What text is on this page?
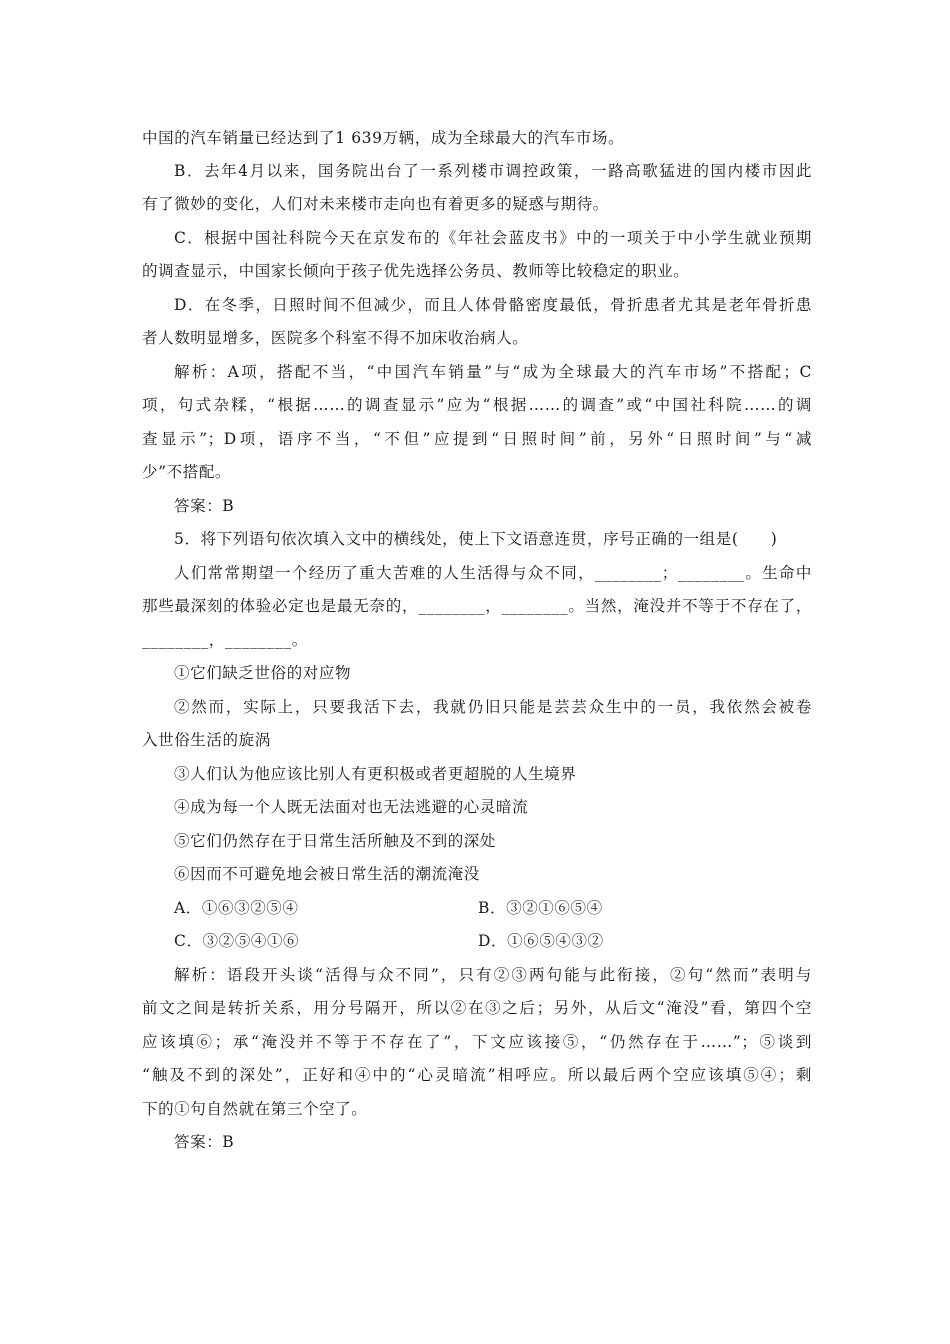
中国的汽车销量已经达到了1 639万辆，成为全球最大的汽车市场。
B．去年4月以来，国务院出台了一系列楼市调控政策，一路高歌猛进的国内楼市因此
有了微妙的变化，人们对未来楼市走向也有着更多的疑惑与期待。
C．根据中国社科院今天在京发布的《年社会蓝皮书》中的一项关于中小学生就业预期
的调查显示，中国家长倾向于孩子优先选择公务员、教师等比较稳定的职业。
D．在冬季，日照时间不但减少，而且人体骨骼密度最低，骨折患者尤其是老年骨折患
者人数明显增多，医院多个科室不得不加床收治病人。
解析：A项，搭配不当，“中国汽车销量”与“成为全球最大的汽车市场”不搭配；C
项，句式杂糅，“根据……的调查显示”应为“根据……的调查”或“中国社科院……的调
查显示”；D项，语序不当，“不但”应提到“日照时间”前，另外“日照时间”与“减
少”不搭配。
答案：B
5．将下列语句依次填入文中的横线处，使上下文语意连贯，序号正确的一组是(　　)
人们常常期望一个经历了重大苦难的人生活得与众不同，________；________。生命中
那些最深刻的体验必定也是最无奈的，________，________。当然，淹没并不等于不存在了，
________，________。
①它们缺乏世俗的对应物
②然而，实际上，只要我活下去，我就仍旧只能是芸芸众生中的一员，我依然会被卷
入世俗生活的旋涡
③人们认为他应该比别人有更积极或者更超脱的人生境界
④成为每一个人既无法面对也无法逃避的心灵暗流
⑤它们仍然存在于日常生活所触及不到的深处
⑥因而不可避免地会被日常生活的潮流淹没
A．①⑥③②⑤④	B．③②①⑥⑤④
C．③②⑤④①⑥	D．①⑥⑤④③②
解析：语段开头谈“活得与众不同”，只有②③两句能与此衔接，②句“然而”表明与
前文之间是转折关系，用分号隔开，所以②在③之后；另外，从后文“淹没”看，第四个空
应该填⑥；承“淹没并不等于不存在了”，下文应该接⑤，“仍然存在于……”；⑤谈到
“触及不到的深处”，正好和④中的“心灵暗流”相呼应。所以最后两个空应该填⑤④；剩
下的①句自然就在第三个空了。
答案：B
